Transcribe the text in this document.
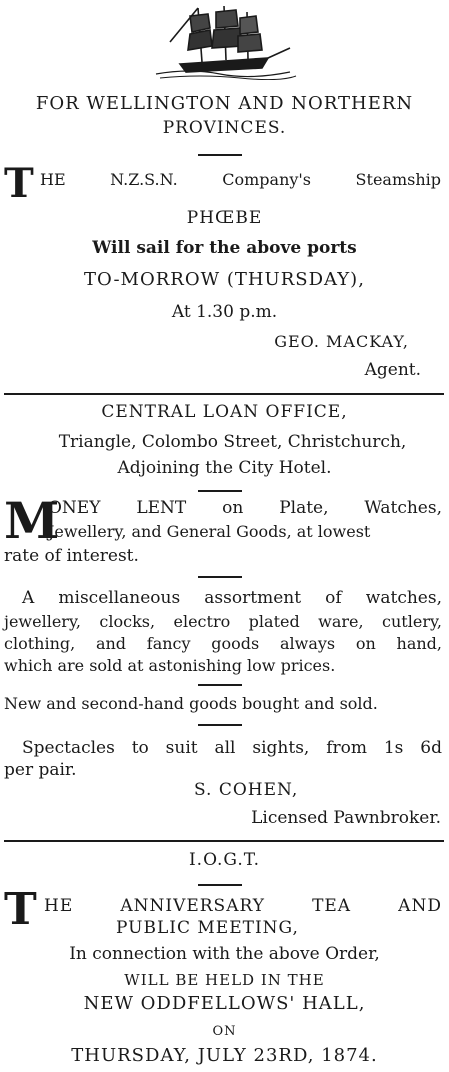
FOR WELLINGTON AND NORTHERN
PROVINCES.
T HE	N.Z.S.N.	Company's	Steamship
PHŒBE
Will sail for the above ports
TO-MORROW (THURSDAY),
At 1.30 p.m.
GEO. MACKAY,
Agent.
CENTRAL LOAN OFFICE,
Triangle, Colombo Street, Christchurch,
Adjoining the City Hotel.
M
ONEY LENT on Plate, Watches,
Jewellery, and General Goods, at lowest
rate of interest.
A miscellaneous assortment of watches,
jewellery, clocks, electro plated ware, cutlery,
clothing, and fancy goods always on hand,
which are sold at astonishing low prices.
New and second-hand goods bought and sold.
Spectacles to suit all sights, from 1s 6d
per pair.
S. COHEN,
Licensed Pawnbroker.
I.O.G.T.
T HE	ANNIVERSARY	TEA	AND
PUBLIC MEETING,
In connection with the above Order,
WILL BE HELD IN THE
NEW ODDFELLOWS' HALL,
ON
THURSDAY, JULY 23RD, 1874.
